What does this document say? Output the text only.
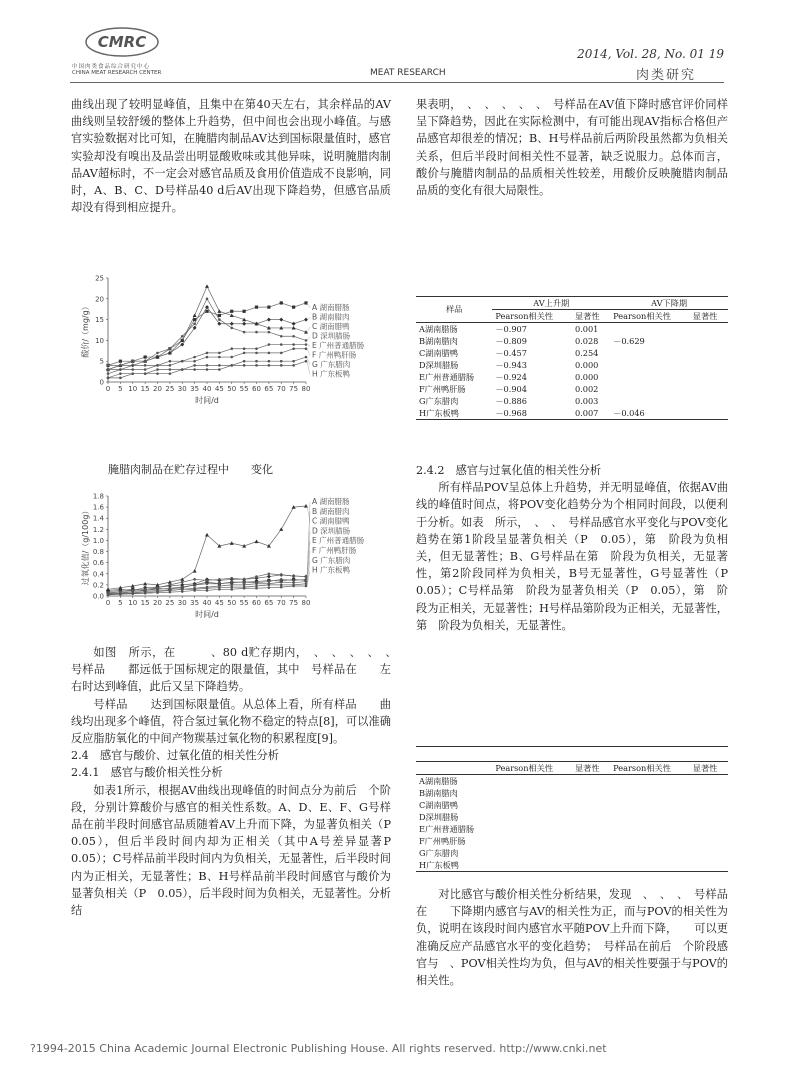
CMRC
中国肉类食品综合研究中心
CHINA MEAT RESEARCH CENTER
2014, Vol. 28, No. 01 19
MEAT RESEARCH	肉类研究

曲线出现了较明显峰值，且集中在第40天左右，其余样品的AV曲线则呈较舒缓的整体上升趋势，但中间也会出现小峰值。与感官实验数据对比可知，在腌腊肉制品AV达到国标限量值时，感官实验却没有嗅出及品尝出明显酸败味或其他异味，说明腌腊肉制品AV超标时，不一定会对感官品质及食用价值造成不良影响，同时，A、B、C、D号样品40 d后AV出现下降趋势，但感官品质却没有得到相应提升。

0
5
10
15
20
25
0 5 10 15 20 25 30 35 40 45 50 55 60 65 70 75 80
时间/d
酸价/（mg/g）	A 湖南腊肠
B 湖南腊肉
C 湖南腊鸭
D 深圳腊肠
E 广州普通腊肠
F 广州鸭肝肠
G 广东腊肉
H 广东板鸭
腌腊肉制品在贮存过程中　　变化
0.0
0.2
0.4
0.6
0.8
1.0
1.2
1.4
1.6
1.8
0 5 10 15 20 25 30 35 40 45 50 55 60 65 70 75 80
时间/d
过氧化值/（g/100g）
A 湖南腊肠
B 湖南腊肉
C 湖南腊鸭
D 深圳腊肠
E 广州普通腊肠
F 广州鸭肝肠
G 广东腊肉
H 广东板鸭

如图　所示，在　　　、80 d贮存期内，　、　、　、　、　、　号样品　　都远低于国标规定的限量值，其中　号样品在　　左右时达到峰值，此后又呈下降趋势。

号样品　　达到国标限量值。从总体上看，所有样品　　曲线均出现多个峰值，符合氢过氧化物不稳定的特点[8]，可以准确反应脂肪氧化的中间产物羰基过氧化物的积累程度[9]。

2.4　感官与酸价、过氧化值的相关性分析

2.4.1　感官与酸价相关性分析

如表1所示，根据AV曲线出现峰值的时间点分为前后　个阶段，分别计算酸价与感官的相关性系数。A、D、E、F、G号样品在前半段时间感官品质随着AV上升而下降，为显著负相关（P　0.05），但后半段时间内却为正相关（其中A号差异显著P　0.05）；C号样品前半段时间内为负相关，无显著性，后半段时间内为正相关，无显著性；B、H号样品前半段时间感官与酸价为显著负相关（P　0.05），后半段时间为负相关，无显著性。分析结

果表明，　、　、　、　、　、　号样品在AV值下降时感官评价同样呈下降趋势，因此在实际检测中，有可能出现AV指标合格但产品感官却很差的情况；B、H号样品前后两阶段虽然都为负相关关系，但后半段时间相关性不显著，缺乏说服力。总体而言，酸价与腌腊肉制品的品质相关性较差，用酸价反映腌腊肉制品品质的变化有很大局限性。

样品	AV上升期		AV下降期	
	Pearson相关性	显著性	Pearson相关性	显著性
A湖南腊肠	－0.907	0.001		
B湖南腊肉	－0.809	0.028	－0.629	
C湖南腊鸭	－0.457	0.254		
D深圳腊肠	－0.943	0.000		
E广州普通腊肠	－0.924	0.000		
F广州鸭肝肠	－0.904	0.002		
G广东腊肉	－0.886	0.003		
H广东板鸭	－0.968	0.007	－0.046	

2.4.2　感官与过氧化值的相关性分析

所有样品POV呈总体上升趋势，并无明显峰值，依据AV曲线的峰值时间点，将POV变化趋势分为个相同时间段，以便利于分析。如表　所示，　、　、　号样品感官水平变化与POV变化趋势在第1阶段呈显著负相关（P　0.05），第　阶段为负相关，但无显著性；B、G号样品在第　阶段为负相关，无显著性，第2阶段同样为负相关，B号无显著性，G号显著性（P　0.05）；C号样品第　阶段为显著负相关（P　0.05），第　阶段为正相关，无显著性；H号样品第阶段为正相关，无显著性，第　阶段为负相关，无显著性。

	Pearson相关性	显著性	Pearson相关性	显著性
A湖南腊肠				
B湖南腊肉				
C湖南腊鸭				
D深圳腊肠				
E广州普通腊肠				
F广州鸭肝肠				
G广东腊肉				
H广东板鸭				

对比感官与酸价相关性分析结果，发现　、　、　、　号样品在　　下降期内感官与AV的相关性为正，而与POV的相关性为负，说明在该段时间内感官水平随POV上升而下降，　　可以更准确反应产品感官水平的变化趋势；　号样品在前后　个阶段感官与　、POV相关性均为负，但与AV的相关性要强于与POV的相关性。

?1994-2015 China Academic Journal Electronic Publishing House. All rights reserved. http://www.cnki.net
